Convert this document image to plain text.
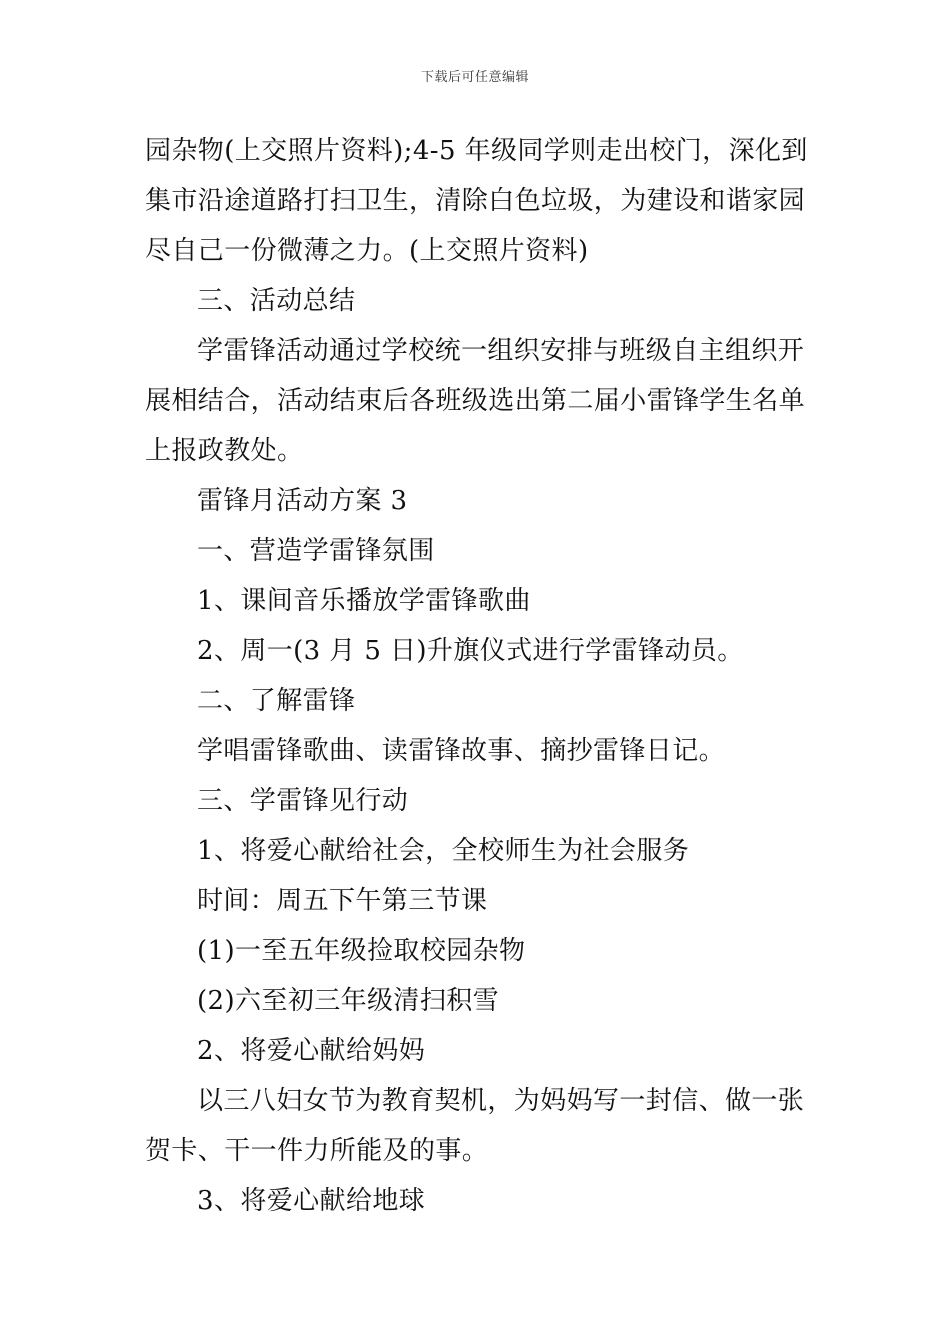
下载后可任意编辑
园杂物(上交照片资料);4-5 年级同学则走出校门，深化到
集市沿途道路打扫卫生，清除白色垃圾，为建设和谐家园
尽自己一份微薄之力。(上交照片资料)
三、活动总结
学雷锋活动通过学校统一组织安排与班级自主组织开
展相结合，活动结束后各班级选出第二届小雷锋学生名单
上报政教处。
雷锋月活动方案 3
一、营造学雷锋氛围
1、课间音乐播放学雷锋歌曲
2、周一(3 月 5 日)升旗仪式进行学雷锋动员。
二、了解雷锋
学唱雷锋歌曲、读雷锋故事、摘抄雷锋日记。
三、学雷锋见行动
1、将爱心献给社会，全校师生为社会服务
时间：周五下午第三节课
(1)一至五年级捡取校园杂物
(2)六至初三年级清扫积雪
2、将爱心献给妈妈
以三八妇女节为教育契机，为妈妈写一封信、做一张
贺卡、干一件力所能及的事。
3、将爱心献给地球
